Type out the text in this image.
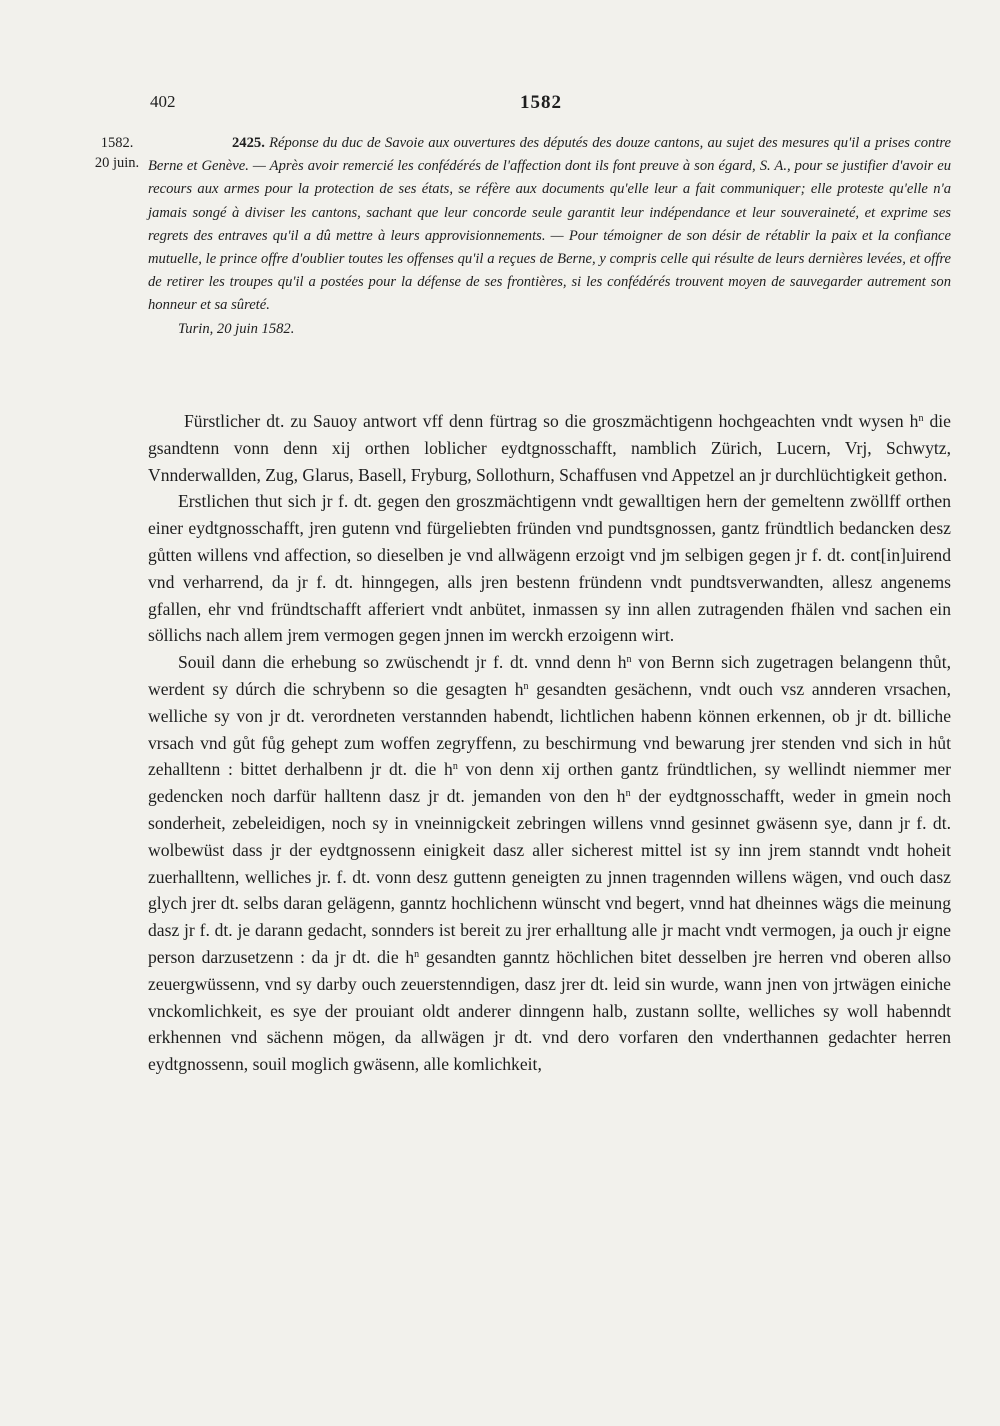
402	1582
1582.
20 juin.
2425. Réponse du duc de Savoie aux ouvertures des députés des douze cantons, au sujet des mesures qu'il a prises contre Berne et Genève. — Après avoir remercié les confédérés de l'affection dont ils font preuve à son égard, S. A., pour se justifier d'avoir eu recours aux armes pour la protection de ses états, se réfère aux documents qu'elle leur a fait communiquer; elle proteste qu'elle n'a jamais songé à diviser les cantons, sachant que leur concorde seule garantit leur indépendance et leur souveraineté, et exprime ses regrets des entraves qu'il a dû mettre à leurs approvisionnements. — Pour témoigner de son désir de rétablir la paix et la confiance mutuelle, le prince offre d'oublier toutes les offenses qu'il a reçues de Berne, y compris celle qui résulte de leurs dernières levées, et offre de retirer les troupes qu'il a postées pour la défense de ses frontières, si les confédérés trouvent moyen de sauvegarder autrement son honneur et sa sûreté.
Turin, 20 juin 1582.

Fürstlicher dt. zu Sauoy antwort vff denn fürtrag so die groszmächtigenn hochgeachten vndt wysen $h^n$ die gsandtenn vonn denn xij orthen loblicher eydtgnosschafft, namblich Zürich, Lucern, Vrj, Schwytz, Vnnderwallden, Zug, Glarus, Basell, Fryburg, Sollothurn, Schaffusen vnd Appetzel an jr durchlüchtigkeit gethon.

Erstlichen thut sich jr f. dt. gegen den groszmächtigenn vndt gewalltigen hern der gemeltenn zwöllff orthen einer eydtgnosschafft, jren gutenn vnd fürgeliebten fründen vnd pundtsgnossen, gantz fründtlich bedancken desz gůtten willens vnd affection, so dieselben je vnd allwägenn erzoigt vnd jm selbigen gegen jr f. dt. cont[in]uirend vnd verharrend, da jr f. dt. hinngegen, alls jren bestenn fründenn vndt pundtsverwandten, allesz angenems gfallen, ehr vnd fründtschafft afferiert vndt anbütet, inmassen sy inn allen zutragenden fhälen vnd sachen ein söllichs nach allem jrem vermogen gegen jnnen im werckh erzoigenn wirt.

Souil dann die erhebung so zwüschendt jr f. dt. vnnd denn $h^n$ von Bernn sich zugetragen belangenn thůt, werdent sy dúrch die schrybenn so die gesagten $h^n$ gesandten gesächenn, vndt ouch vsz annderen vrsachen, welliche sy von jr dt. verordneten verstannden habendt, lichtlichen habenn können erkennen, ob jr dt. billiche vrsach vnd gůt fůg gehept zum woffen zegryffenn, zu beschirmung vnd bewarung jrer stenden vnd sich in hůt zehalltenn : bittet derhalbenn jr dt. die $h^n$ von denn xij orthen gantz fründtlichen, sy wellindt niemmer mer gedencken noch darfür halltenn dasz jr dt. jemanden von den $h^n$ der eydtgnosschafft, weder in gmein noch sonderheit, zebeleidigen, noch sy in vneinnigckeit zebringen willens vnnd gesinnet gwäsenn sye, dann jr f. dt. wolbewüst dass jr der eydtgnossenn einigkeit dasz aller sicherest mittel ist sy inn jrem stanndt vndt hoheit zuerhalltenn, welliches jr. f. dt. vonn desz guttenn geneigten zu jnnen tragennden willens wägen, vnd ouch dasz glych jrer dt. selbs daran gelägenn, ganntz hochlichenn wünscht vnd begert, vnnd hat dheinnes wägs die meinung dasz jr f. dt. je darann gedacht, sonnders ist bereit zu jrer erhalltung alle jr macht vndt vermogen, ja ouch jr eigne person darzusetzenn : da jr dt. die $h^n$ gesandten ganntz höchlichen bitet desselben jre herren vnd oberen allso zeuergwüssenn, vnd sy darby ouch zeuerstenndigen, dasz jrer dt. leid sin wurde, wann jnen von jrtwägen einiche vnckomlichkeit, es sye der prouiant oldt anderer dinngenn halb, zustann sollte, welliches sy woll habenndt erkhennen vnd sächenn mögen, da allwägen jr dt. vnd dero vorfaren den vnderthannen gedachter herren eydtgnossenn, souil moglich gwäsenn, alle komlichkeit,
